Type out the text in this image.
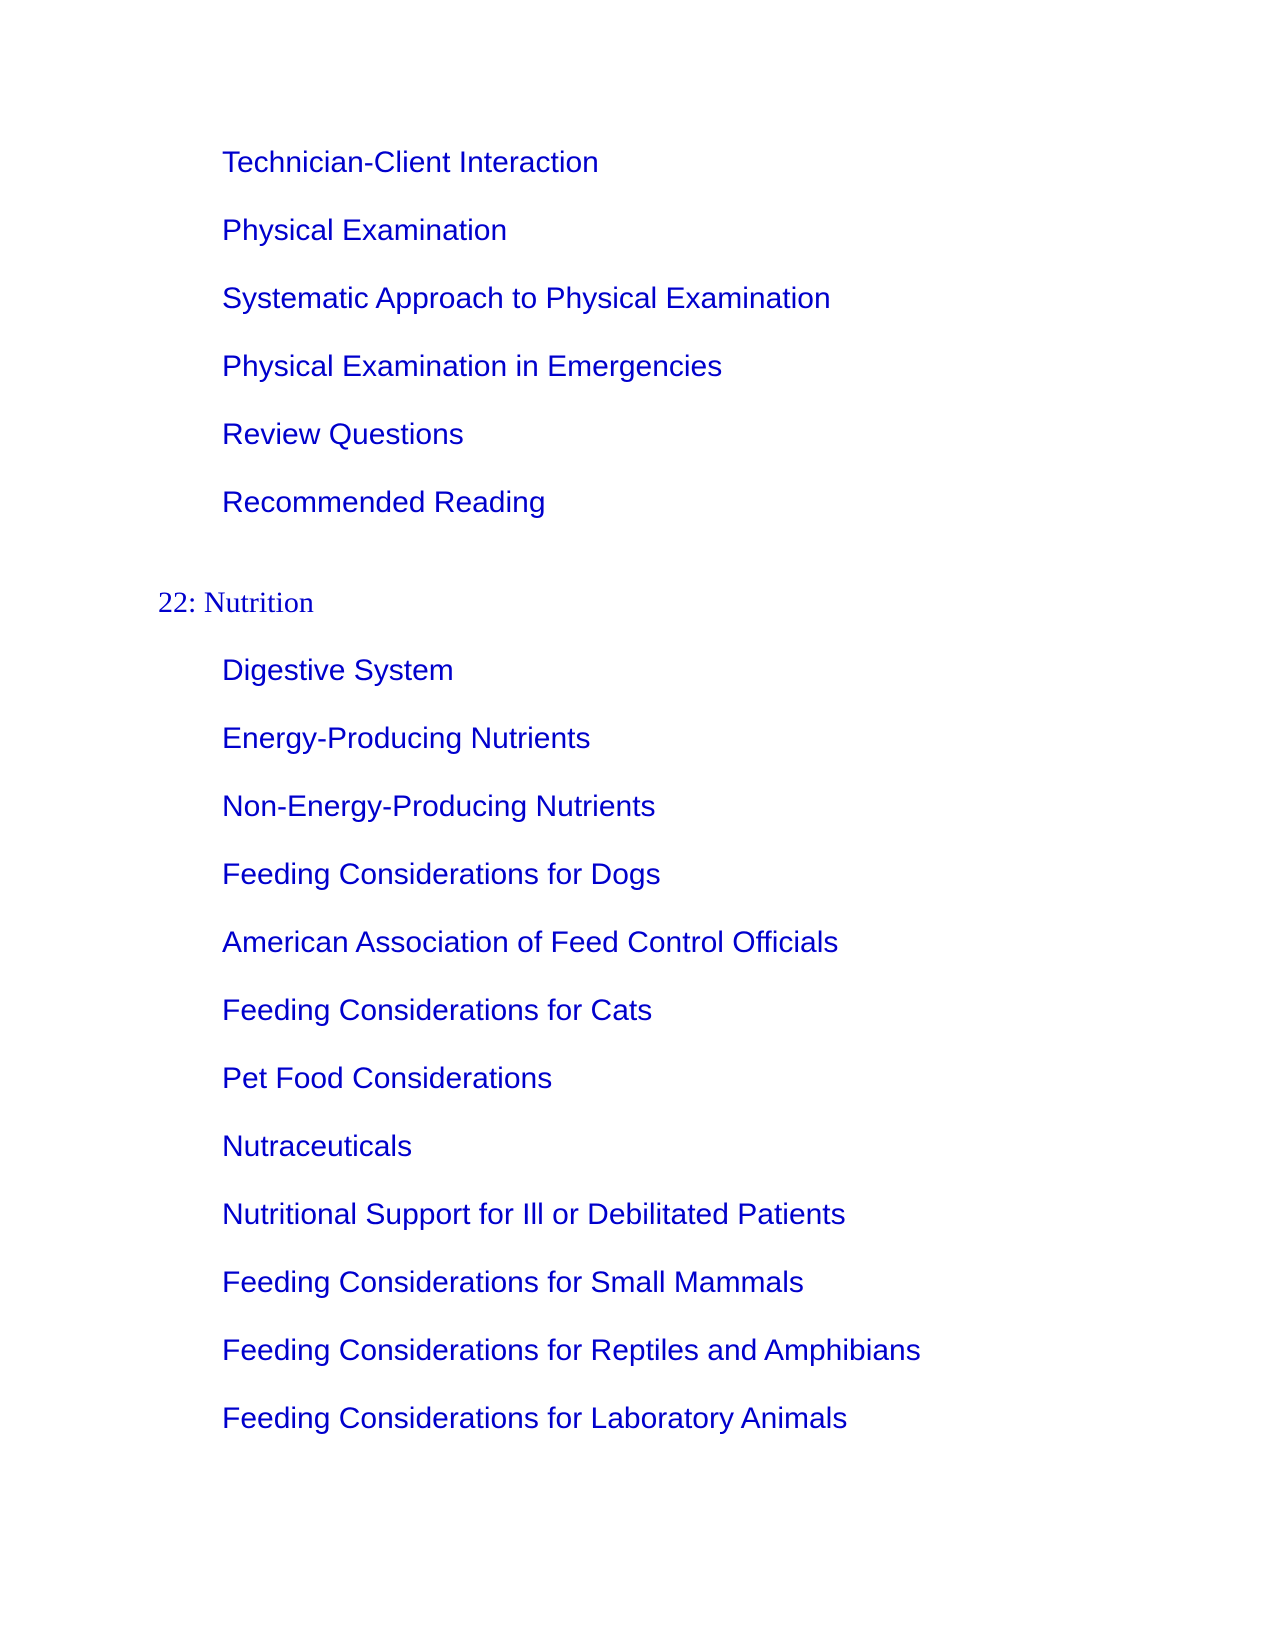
Technician-Client Interaction
Physical Examination
Systematic Approach to Physical Examination
Physical Examination in Emergencies
Review Questions
Recommended Reading
22: Nutrition
Digestive System
Energy-Producing Nutrients
Non-Energy-Producing Nutrients
Feeding Considerations for Dogs
American Association of Feed Control Officials
Feeding Considerations for Cats
Pet Food Considerations
Nutraceuticals
Nutritional Support for Ill or Debilitated Patients
Feeding Considerations for Small Mammals
Feeding Considerations for Reptiles and Amphibians
Feeding Considerations for Laboratory Animals
